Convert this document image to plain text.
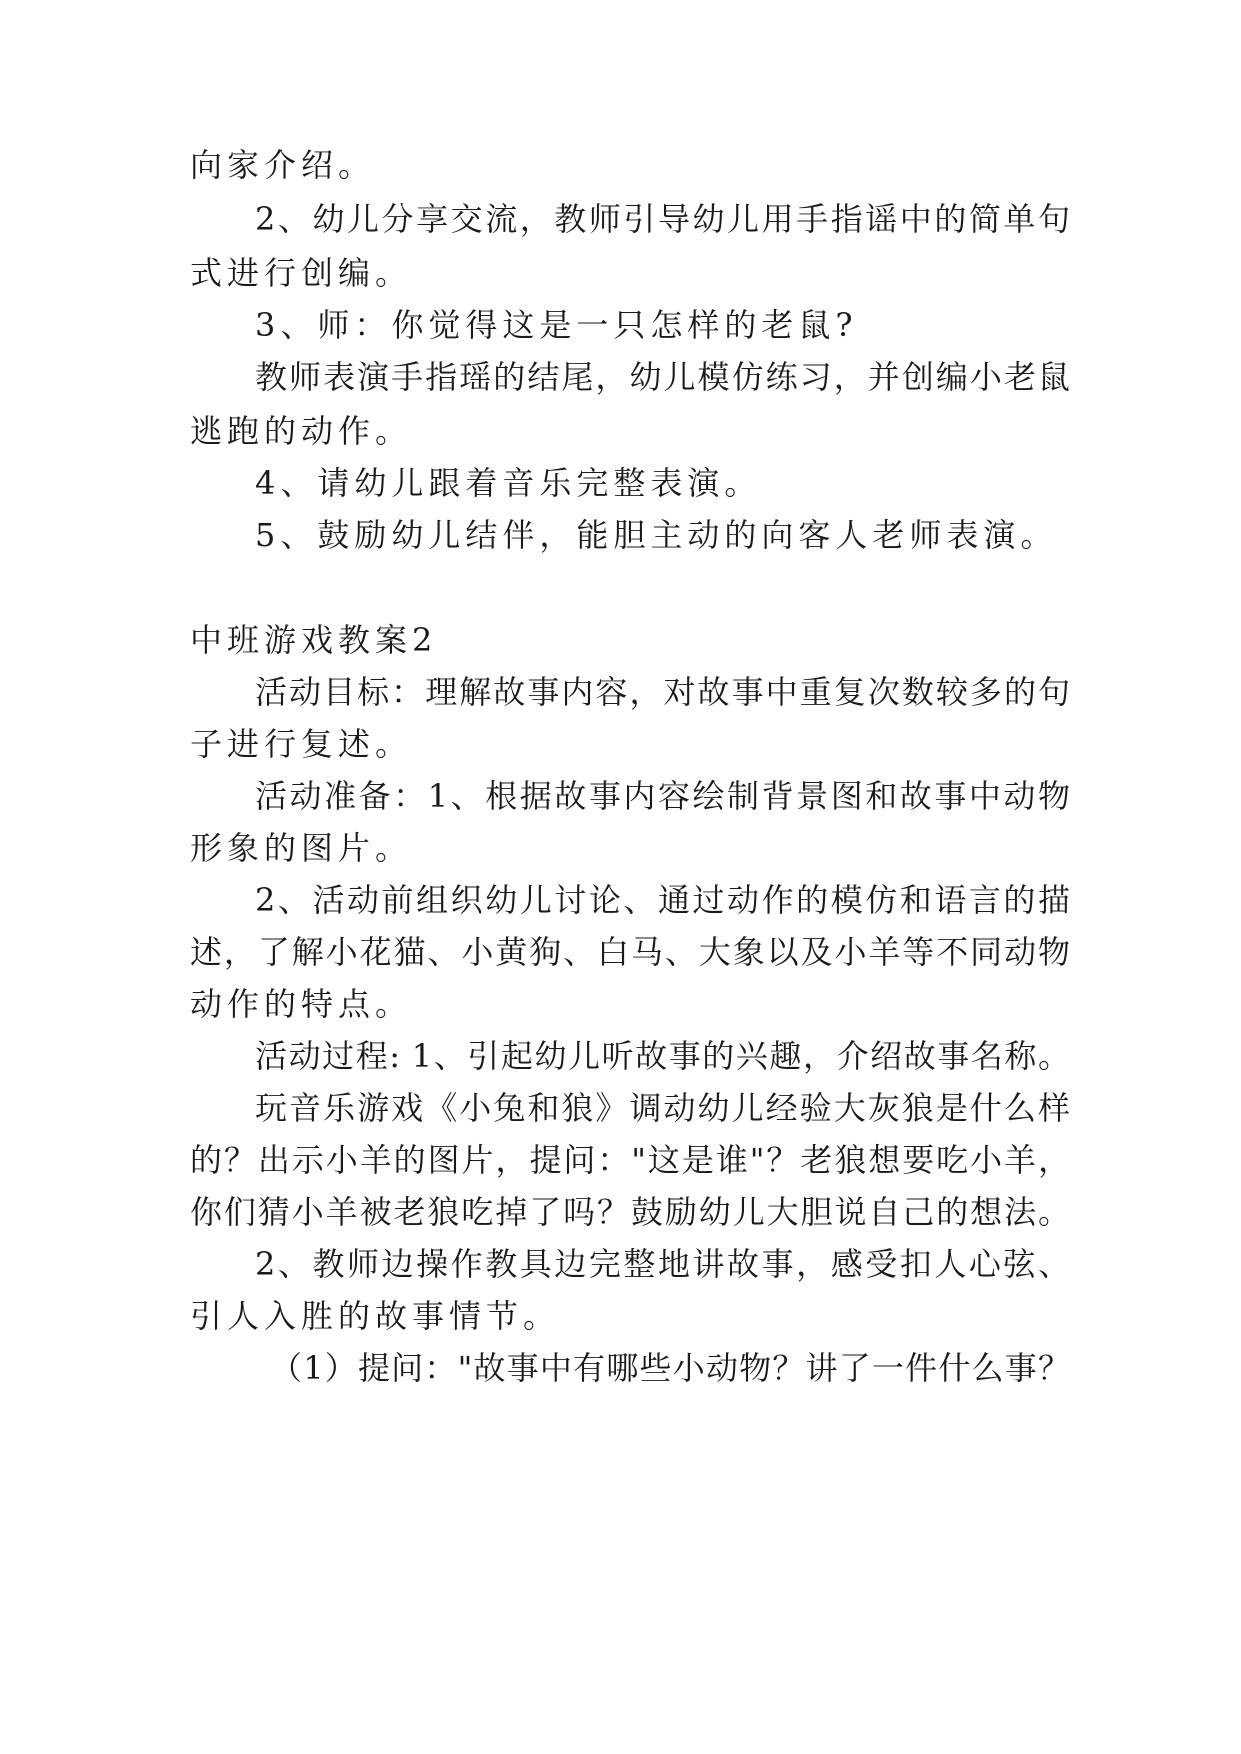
向家介绍。
2、幼儿分享交流，教师引导幼儿用手指谣中的简单句
式进行创编。
3、师：你觉得这是一只怎样的老鼠?
教师表演手指瑶的结尾，幼儿模仿练习，并创编小老鼠
逃跑的动作。
4、请幼儿跟着音乐完整表演。
5、鼓励幼儿结伴，能胆主动的向客人老师表演。
中班游戏教案2
活动目标：理解故事内容，对故事中重复次数较多的句
子进行复述。
活动准备：1、根据故事内容绘制背景图和故事中动物
形象的图片。
2、活动前组织幼儿讨论、通过动作的模仿和语言的描
述，了解小花猫、小黄狗、白马、大象以及小羊等不同动物
动作的特点。
活动过程: 1、引起幼儿听故事的兴趣，介绍故事名称。
玩音乐游戏《小兔和狼》调动幼儿经验大灰狼是什么样
的？出示小羊的图片，提问："这是谁"？老狼想要吃小羊，
你们猜小羊被老狼吃掉了吗？鼓励幼儿大胆说自己的想法。
2、教师边操作教具边完整地讲故事，感受扣人心弦、
引人入胜的故事情节。
（1）提问："故事中有哪些小动物？讲了一件什么事？
